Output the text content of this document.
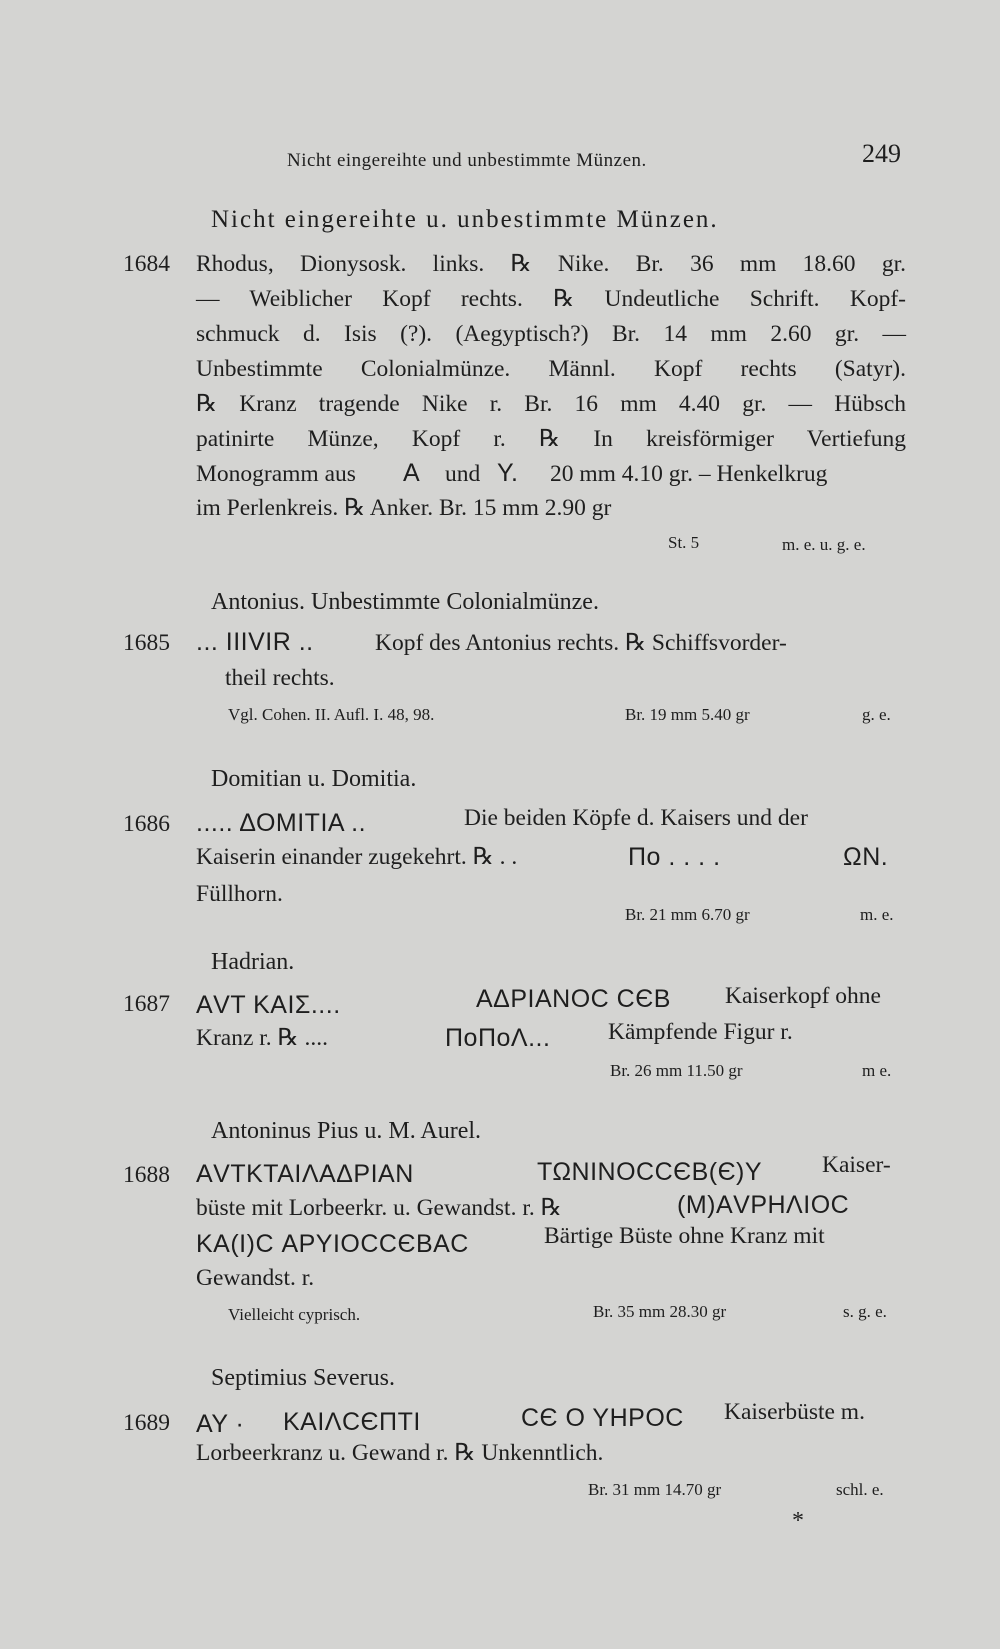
Nicht eingereihte und unbestimmte Münzen.	249
Nicht eingereihte u. unbestimmte Münzen.
1684 Rhodus, Dionysosk. links. ℞ Nike. Br. 36 mm 18.60 gr.
— Weiblicher Kopf rechts. ℞ Undeutliche Schrift. Kopf-
schmuck d. Isis (?). (Aegyptisch?) Br. 14 mm 2.60 gr. —
Unbestimmte Colonialmünze. Männl. Kopf rechts (Satyr).
℞ Kranz tragende Nike r. Br. 16 mm 4.40 gr. — Hübsch
patinirte Münze, Kopf r. ℞ In kreisförmiger Vertiefung
Monogramm aus A und Y. 20 mm 4.10 gr. – Henkelkrug
im Perlenkreis. ℞ Anker. Br. 15 mm 2.90 gr
St. 5	m. e. u. g. e.
Antonius. Unbestimmte Colonialmünze.
1685 ... IIIVIR ..	Kopf des Antonius rechts. ℞ Schiffsvorder-
theil rechts.
Vgl. Cohen. II. Aufl. I. 48, 98.	Br. 19 mm 5.40 gr	g. e.
Domitian u. Domitia.
1686 ..... ΔΟΜΙΤΙΑ ..	Die beiden Köpfe d. Kaisers und der
Kaiserin einander zugekehrt. ℞ . .	Πο . . . .	ΩΝ.
Füllhorn.
Br. 21 mm 6.70 gr	m. e.
Hadrian.
1687 ΑVΤ ΚΑΙΣ....	ΑΔΡΙΑΝΟC CЄB Kaiserkopf ohne
Kranz r. ℞ ....	ΠοΠοΛ... Kämpfende Figur r.
Br. 26 mm 11.50 gr	m e.
Antoninus Pius u. M. Aurel.
1688 ΑVΤΚΤΑΙΛΑΔΡΙΑΝ	ΤΩΝΙΝΟCCЄΒ(Є)Υ	Kaiser-
büste mit Lorbeerkr. u. Gewandst. r. ℞	(Μ)ΑVΡΗΛΙΟC
ΚΑ(Ι)C ΑΡΥΙΟCCЄΒΑC	Bärtige Büste ohne Kranz mit
Gewandst. r.
Vielleicht cyprisch.	Br. 35 mm 28.30 gr	s. g. e.
Septimius Severus.
1689 ΑΥ · ΚΑΙΛCЄΠΤΙ	CЄ Ο ΥΗΡΟC Kaiserbüste m.
Lorbeerkranz u. Gewand r. ℞ Unkenntlich.
Br. 31 mm 14.70 gr	schl. e.
*
